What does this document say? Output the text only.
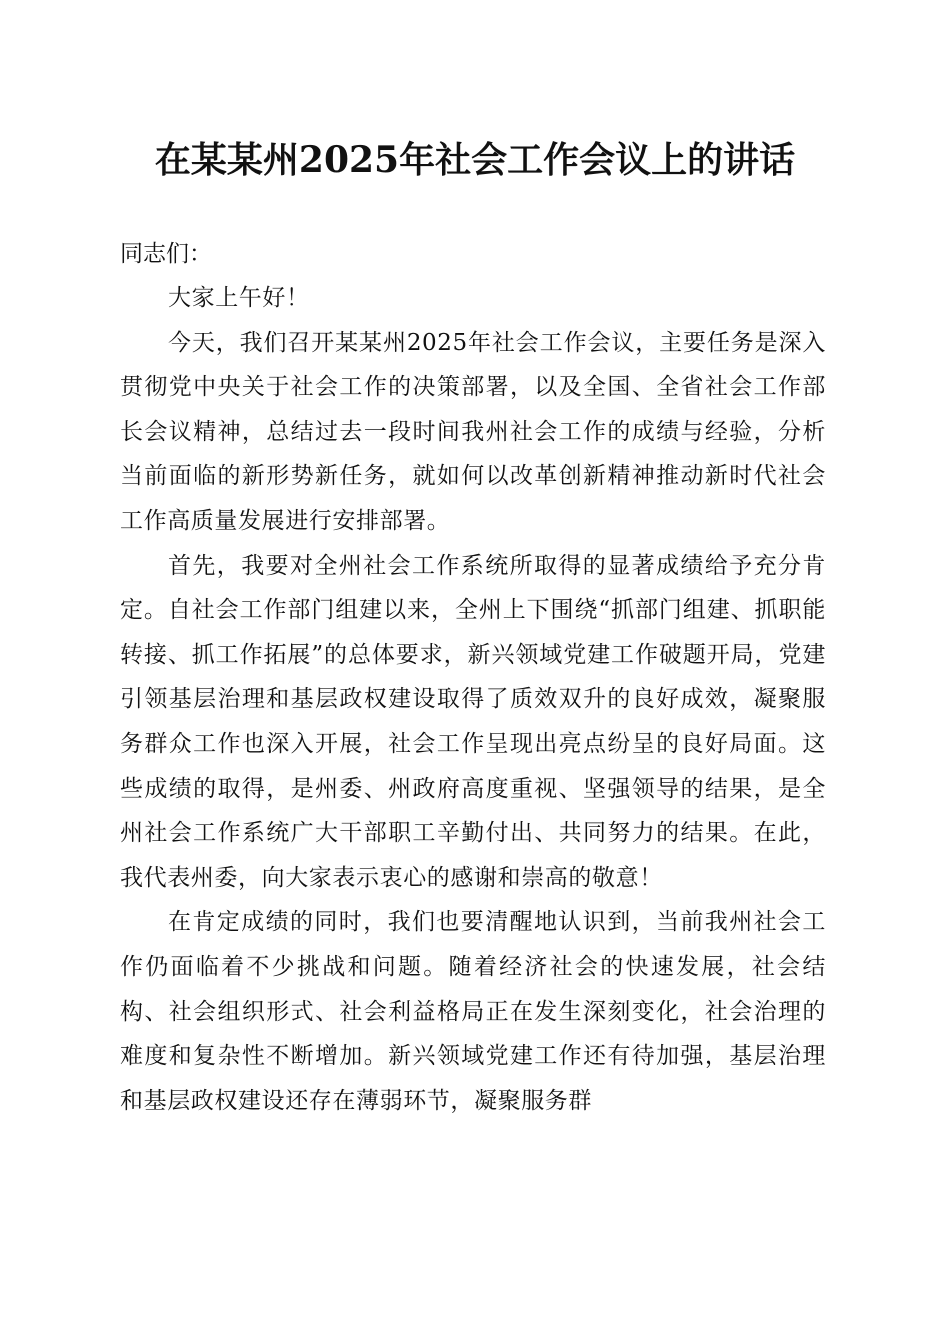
在某某州2025年社会工作会议上的讲话

同志们：

大家上午好！

今天，我们召开某某州2025年社会工作会议，主要任务是深入贯彻党中央关于社会工作的决策部署，以及全国、全省社会工作部长会议精神，总结过去一段时间我州社会工作的成绩与经验，分析当前面临的新形势新任务，就如何以改革创新精神推动新时代社会工作高质量发展进行安排部署。

首先，我要对全州社会工作系统所取得的显著成绩给予充分肯定。自社会工作部门组建以来，全州上下围绕“抓部门组建、抓职能转接、抓工作拓展”的总体要求，新兴领域党建工作破题开局，党建引领基层治理和基层政权建设取得了质效双升的良好成效，凝聚服务群众工作也深入开展，社会工作呈现出亮点纷呈的良好局面。这些成绩的取得，是州委、州政府高度重视、坚强领导的结果，是全州社会工作系统广大干部职工辛勤付出、共同努力的结果。在此，我代表州委，向大家表示衷心的感谢和崇高的敬意！

在肯定成绩的同时，我们也要清醒地认识到，当前我州社会工作仍面临着不少挑战和问题。随着经济社会的快速发展，社会结构、社会组织形式、社会利益格局正在发生深刻变化，社会治理的难度和复杂性不断增加。新兴领域党建工作还有待加强，基层治理和基层政权建设还存在薄弱环节，凝聚服务群
